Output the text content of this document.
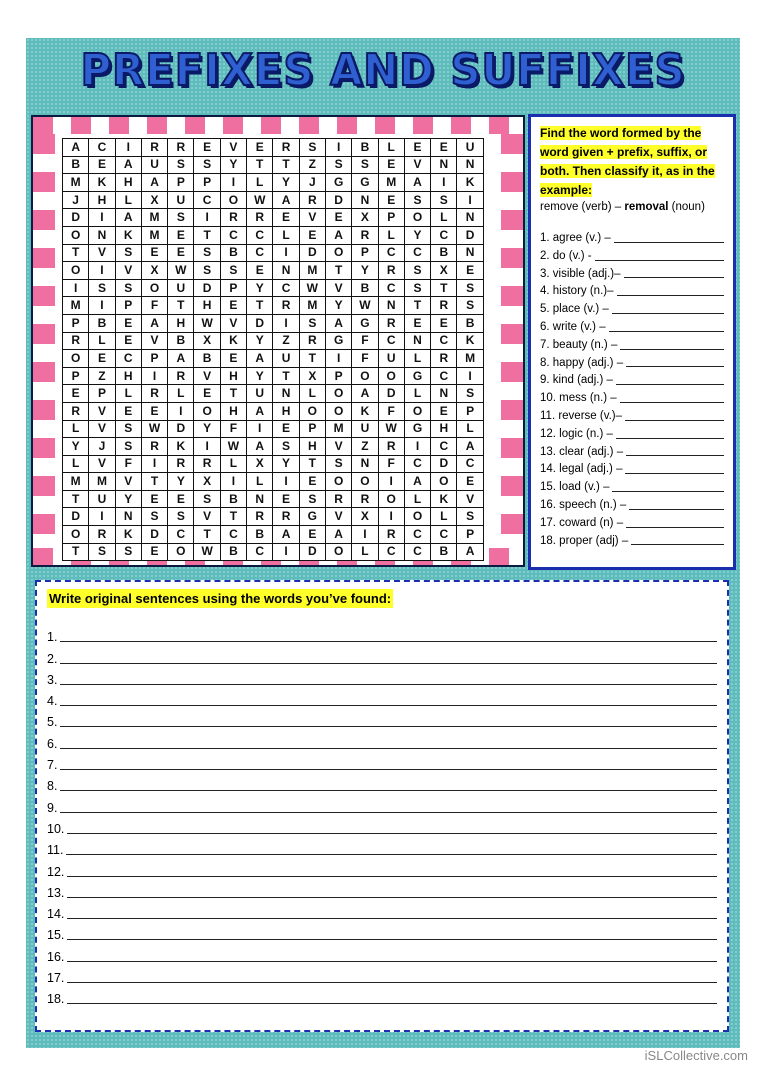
PREFIXES AND SUFFIXES
A	C	I	R	R	E	V	E	R	S	I	B	L	E	E	U
B	E	A	U	S	S	Y	T	T	Z	S	S	E	V	N	N
M	K	H	A	P	P	I	L	Y	J	G	G	M	A	I	K
J	H	L	X	U	C	O	W	A	R	D	N	E	S	S	I
D	I	A	M	S	I	R	R	E	V	E	X	P	O	L	N
O	N	K	M	E	T	C	C	L	E	A	R	L	Y	C	D
T	V	S	E	E	S	B	C	I	D	O	P	C	C	B	N
O	I	V	X	W	S	S	E	N	M	T	Y	R	S	X	E
I	S	S	O	U	D	P	Y	C	W	V	B	C	S	T	S
M	I	P	F	T	H	E	T	R	M	Y	W	N	T	R	S
P	B	E	A	H	W	V	D	I	S	A	G	R	E	E	B
R	L	E	V	B	X	K	Y	Z	R	G	F	C	N	C	K
O	E	C	P	A	B	E	A	U	T	I	F	U	L	R	M
P	Z	H	I	R	V	H	Y	T	X	P	O	O	G	C	I
E	P	L	R	L	E	T	U	N	L	O	A	D	L	N	S
R	V	E	E	I	O	H	A	H	O	O	K	F	O	E	P
L	V	S	W	D	Y	F	I	E	P	M	U	W	G	H	L
Y	J	S	R	K	I	W	A	S	H	V	Z	R	I	C	A
L	V	F	I	R	R	L	X	Y	T	S	N	F	C	D	C
M	M	V	T	Y	X	I	L	I	E	O	O	I	A	O	E
T	U	Y	E	E	S	B	N	E	S	R	R	O	L	K	V
D	I	N	S	S	V	T	R	R	G	V	X	I	O	L	S
O	R	K	D	C	T	C	B	A	E	A	I	R	C	C	P
T	S	S	E	O	W	B	C	I	D	O	L	C	C	B	A
Find the word formed by the word given + prefix, suffix, or both. Then classify it, as in the example:
remove (verb) – removal (noun)
1. agree (v.) –
2. do (v.) -
3. visible (adj.)–
4. history (n.)–
5. place (v.) –
6. write (v.) –
7. beauty (n.) –
8. happy (adj.) –
9. kind (adj.) –
10. mess (n.) –
11. reverse (v.)–
12. logic (n.) –
13. clear (adj.) –
14. legal (adj.) –
15. load (v.) –
16. speech (n.) –
17. coward (n) –
18. proper (adj) –
Write original sentences using the words you’ve found:
1.
2.
3.
4.
5.
6.
7.
8.
9.
10.
11.
12.
13.
14.
15.
16.
17.
18.
iSLCollective.com
